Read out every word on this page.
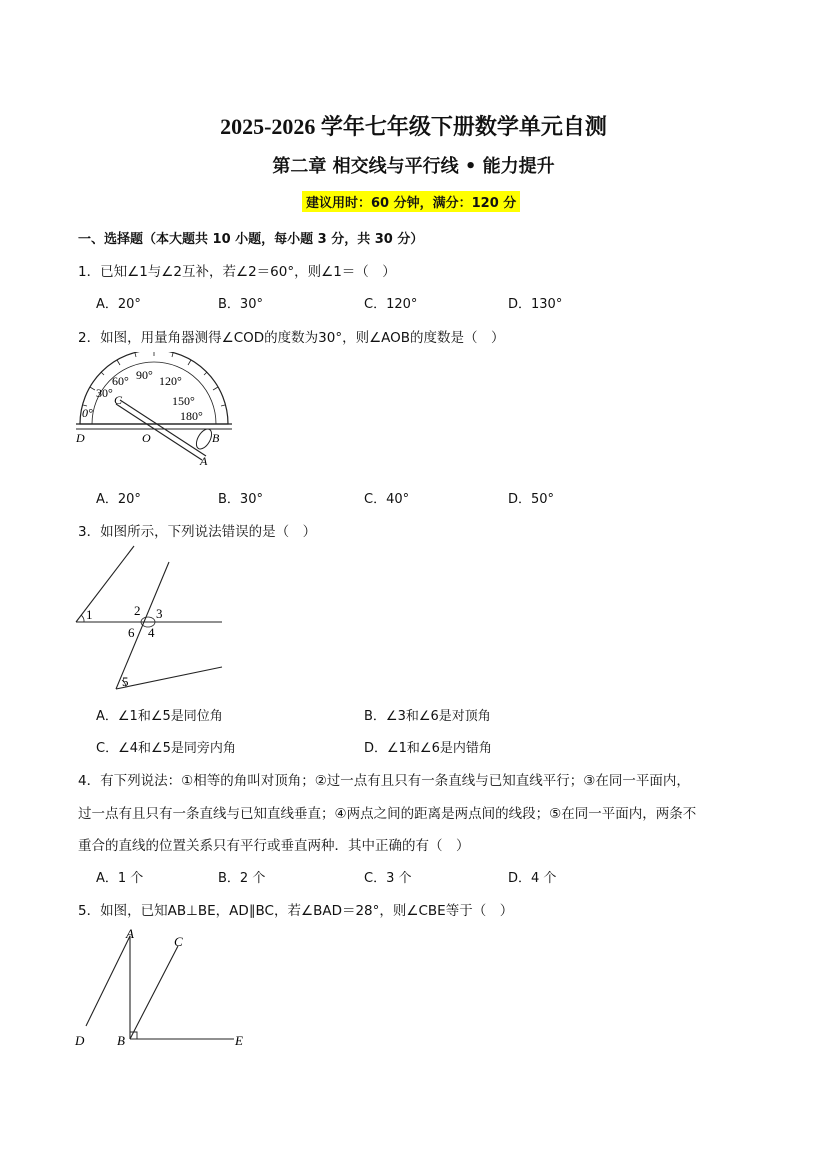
2025-2026 学年七年级下册数学单元自测
第二章 相交线与平行线 • 能力提升
建议用时：60 分钟，满分：120 分
一、选择题（本大题共 10 小题，每小题 3 分，共 30 分）
1．已知∠1与∠2互补，若∠2＝60°，则∠1＝（　）
A．20°	B．30°	C．120°	D．130°
2．如图，用量角器测得∠COD的度数为30°，则∠AOB的度数是（　）
0°
30°
60° 90° 120°
150°
180°
C
D	O	B
A
A．20°	B．30°	C．40°	D．50°
3．如图所示，下列说法错误的是（　）
1	2 3
4
5
6
A．∠1和∠5是同位角	B．∠3和∠6是对顶角
C．∠4和∠5是同旁内角	D．∠1和∠6是内错角
4．有下列说法：①相等的角叫对顶角；②过一点有且只有一条直线与已知直线平行；③在同一平面内，
过一点有且只有一条直线与已知直线垂直；④两点之间的距离是两点间的线段；⑤在同一平面内，两条不
重合的直线的位置关系只有平行或垂直两种．其中正确的有（　）
A．1 个	B．2 个	C．3 个	D．4 个
5．如图，已知AB⊥BE，AD∥BC，若∠BAD＝28°，则∠CBE等于（　）
A
C
D	B	E
